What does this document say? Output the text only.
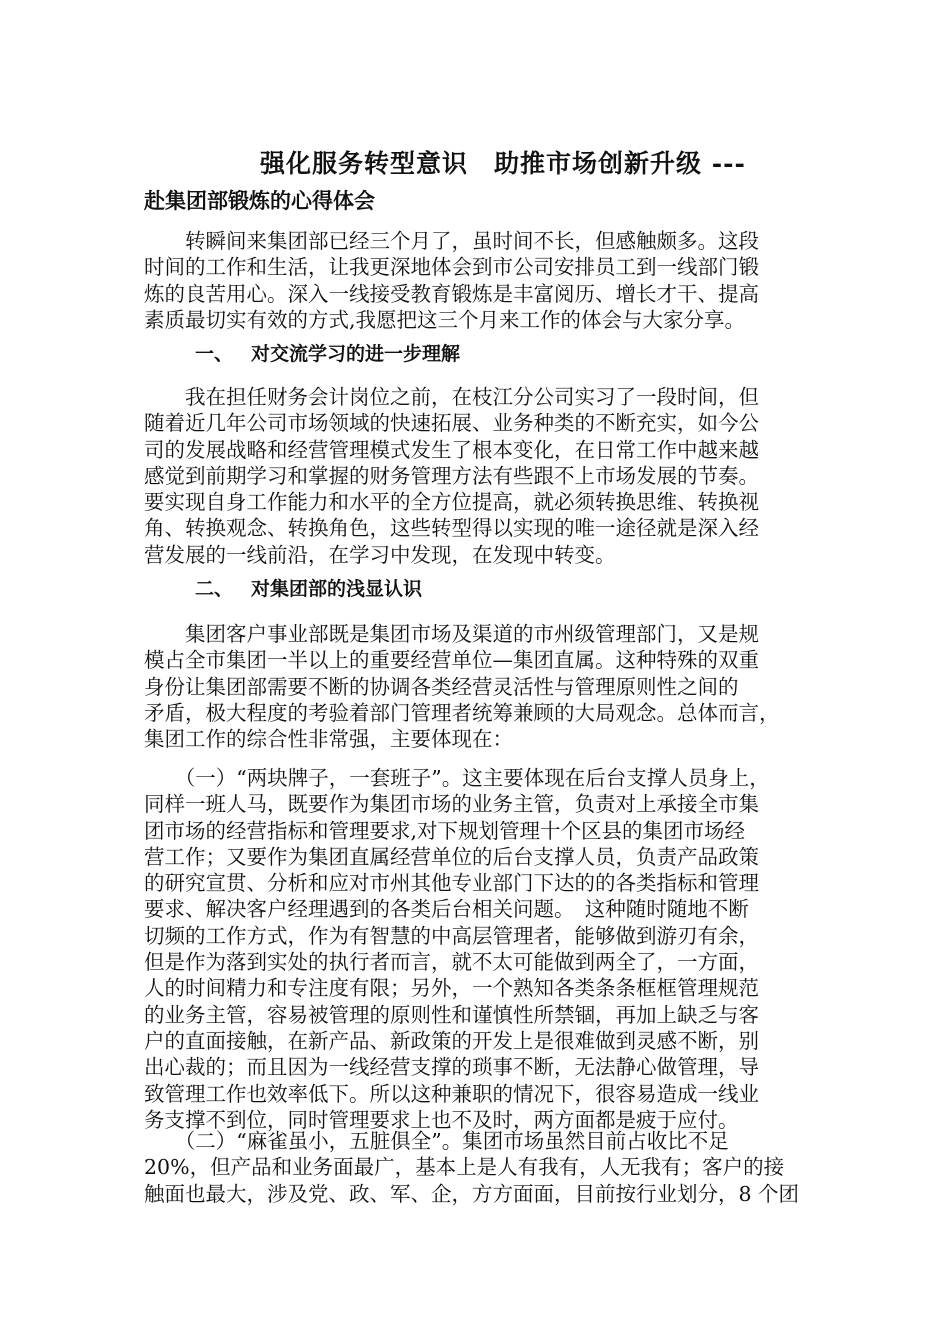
强化服务转型意识　助推市场创新升级 ---
赴集团部锻炼的心得体会
　　转瞬间来集团部已经三个月了，虽时间不长，但感触颇多。这段
时间的工作和生活，让我更深地体会到市公司安排员工到一线部门锻
炼的良苦用心。深入一线接受教育锻炼是丰富阅历、增长才干、提高
素质最切实有效的方式,我愿把这三个月来工作的体会与大家分享。
一、 对交流学习的进一步理解
　　我在担任财务会计岗位之前，在枝江分公司实习了一段时间，但
随着近几年公司市场领域的快速拓展、业务种类的不断充实，如今公
司的发展战略和经营管理模式发生了根本变化，在日常工作中越来越
感觉到前期学习和掌握的财务管理方法有些跟不上市场发展的节奏。
要实现自身工作能力和水平的全方位提高，就必须转换思维、转换视
角、转换观念、转换角色，这些转型得以实现的唯一途径就是深入经
营发展的一线前沿，在学习中发现，在发现中转变。
二、 对集团部的浅显认识
　　集团客户事业部既是集团市场及渠道的市州级管理部门，又是规
模占全市集团一半以上的重要经营单位—集团直属。这种特殊的双重
身份让集团部需要不断的协调各类经营灵活性与管理原则性之间的
矛盾，极大程度的考验着部门管理者统筹兼顾的大局观念。总体而言，
集团工作的综合性非常强，主要体现在：
　　（一）“两块牌子，一套班子”。这主要体现在后台支撑人员身上，
同样一班人马，既要作为集团市场的业务主管，负责对上承接全市集
团市场的经营指标和管理要求,对下规划管理十个区县的集团市场经
营工作；又要作为集团直属经营单位的后台支撑人员，负责产品政策
的研究宣贯、分析和应对市州其他专业部门下达的的各类指标和管理
要求、解决客户经理遇到的各类后台相关问题。　这种随时随地不断
切频的工作方式，作为有智慧的中高层管理者，能够做到游刃有余，
但是作为落到实处的执行者而言，就不太可能做到两全了，一方面，
人的时间精力和专注度有限；另外，一个熟知各类条条框框管理规范
的业务主管，容易被管理的原则性和谨慎性所禁锢，再加上缺乏与客
户的直面接触，在新产品、新政策的开发上是很难做到灵感不断，别
出心裁的；而且因为一线经营支撑的琐事不断，无法静心做管理，导
致管理工作也效率低下。所以这种兼职的情况下，很容易造成一线业
务支撑不到位，同时管理要求上也不及时，两方面都是疲于应付。
　　（二）“麻雀虽小，五脏俱全”。集团市场虽然目前占收比不足
20%，但产品和业务面最广，基本上是人有我有，人无我有；客户的接
触面也最大，涉及党、政、军、企，方方面面，目前按行业划分，8 个团
